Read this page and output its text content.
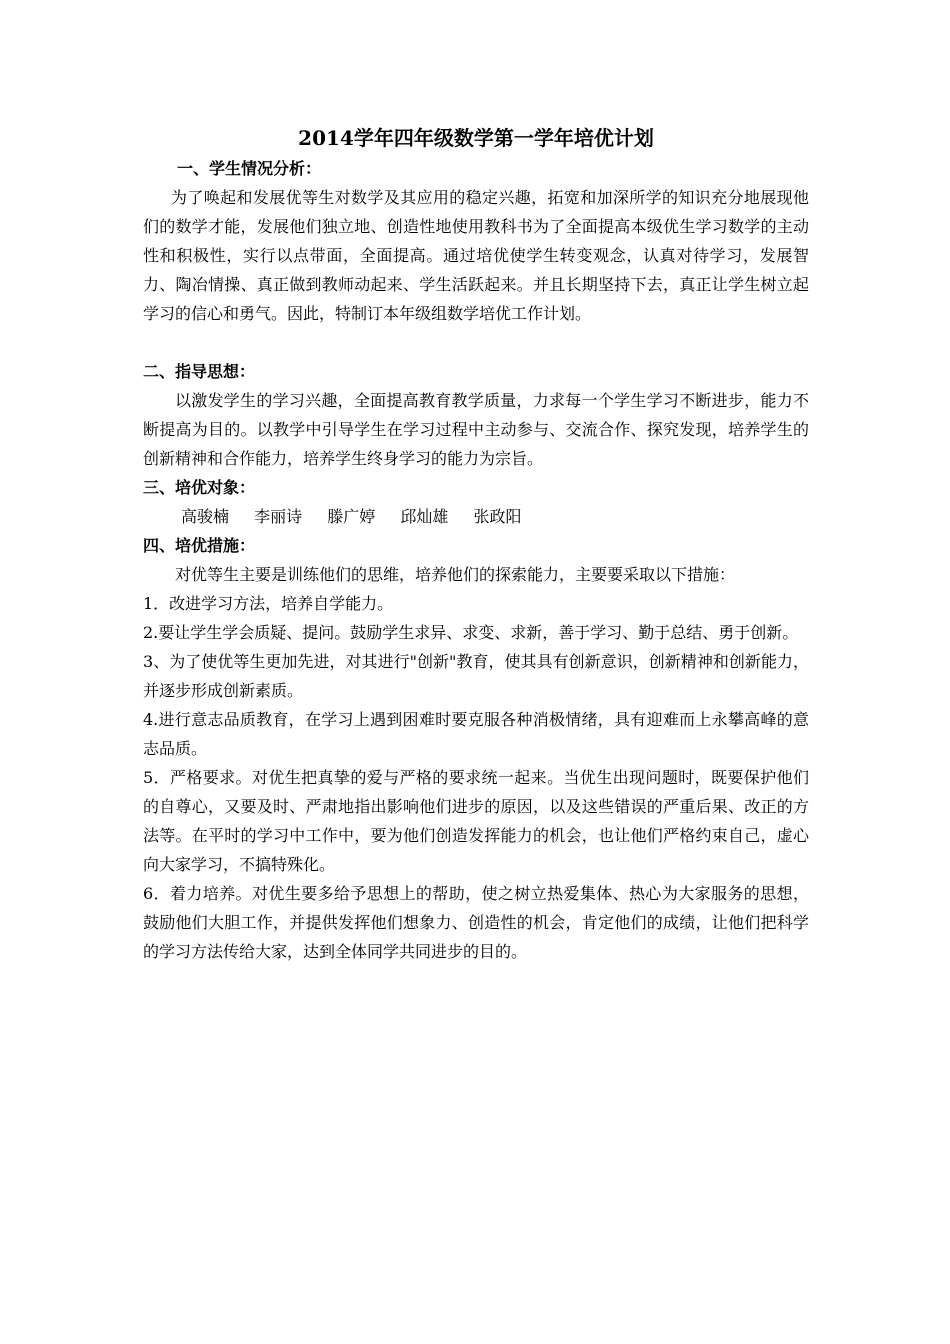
2014学年四年级数学第一学年培优计划

一、学生情况分析：

为了唤起和发展优等生对数学及其应用的稳定兴趣，拓宽和加深所学的知识充分地展现他们的数学才能，发展他们独立地、创造性地使用教科书为了全面提高本级优生学习数学的主动性和积极性，实行以点带面，全面提高。通过培优使学生转变观念，认真对待学习，发展智力、陶冶情操、真正做到教师动起来、学生活跃起来。并且长期坚持下去，真正让学生树立起学习的信心和勇气。因此，特制订本年级组数学培优工作计划。

二、指导思想：

以激发学生的学习兴趣，全面提高教育教学质量，力求每一个学生学习不断进步，能力不断提高为目的。以教学中引导学生在学习过程中主动参与、交流合作、探究发现，培养学生的创新精神和合作能力，培养学生终身学习的能力为宗旨。

三、培优对象：

高骏楠 李丽诗 滕广婷 邱灿雄 张政阳

四、培优措施：

对优等生主要是训练他们的思维，培养他们的探索能力，主要要采取以下措施：

1．改进学习方法，培养自学能力。

2.要让学生学会质疑、提问。鼓励学生求异、求变、求新，善于学习、勤于总结、勇于创新。

3、为了使优等生更加先进，对其进行"创新"教育，使其具有创新意识，创新精神和创新能力，并逐步形成创新素质。

4.进行意志品质教育，在学习上遇到困难时要克服各种消极情绪，具有迎难而上永攀高峰的意志品质。

5．严格要求。对优生把真挚的爱与严格的要求统一起来。当优生出现问题时，既要保护他们的自尊心，又要及时、严肃地指出影响他们进步的原因，以及这些错误的严重后果、改正的方法等。在平时的学习中工作中，要为他们创造发挥能力的机会，也让他们严格约束自己，虚心向大家学习，不搞特殊化。

6．着力培养。对优生要多给予思想上的帮助，使之树立热爱集体、热心为大家服务的思想，鼓励他们大胆工作，并提供发挥他们想象力、创造性的机会，肯定他们的成绩，让他们把科学的学习方法传给大家，达到全体同学共同进步的目的。
